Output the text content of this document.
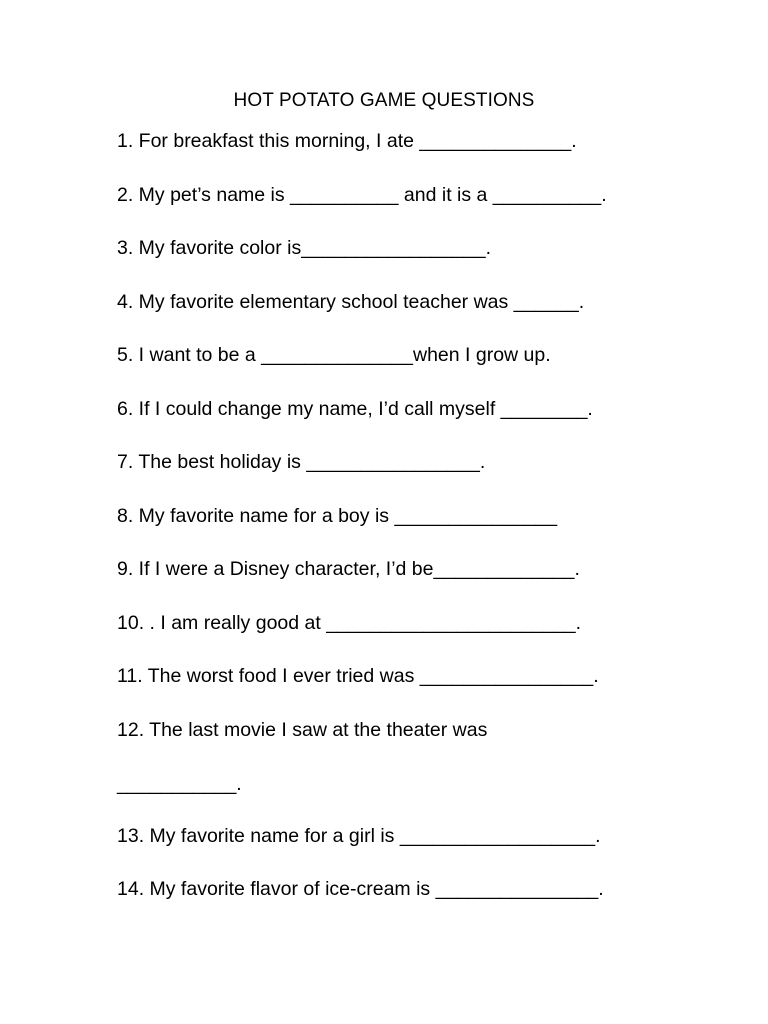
HOT POTATO GAME QUESTIONS
1. For breakfast this morning, I ate ______________.
2. My pet’s name is __________ and it is a __________.
3. My favorite color is_________________.
4. My favorite elementary school teacher was ______.
5. I want to be a ______________when I grow up.
6. If I could change my name, I’d call myself ________.
7. The best holiday is ________________.
8. My favorite name for a boy is _______________
9. If I were a Disney character, I’d be_____________.
10. . I am really good at _______________________.
11. The worst food I ever tried was ________________.
12. The last movie I saw at the theater was
___________.
13. My favorite name for a girl is __________________.
14. My favorite flavor of ice-cream is _______________.
